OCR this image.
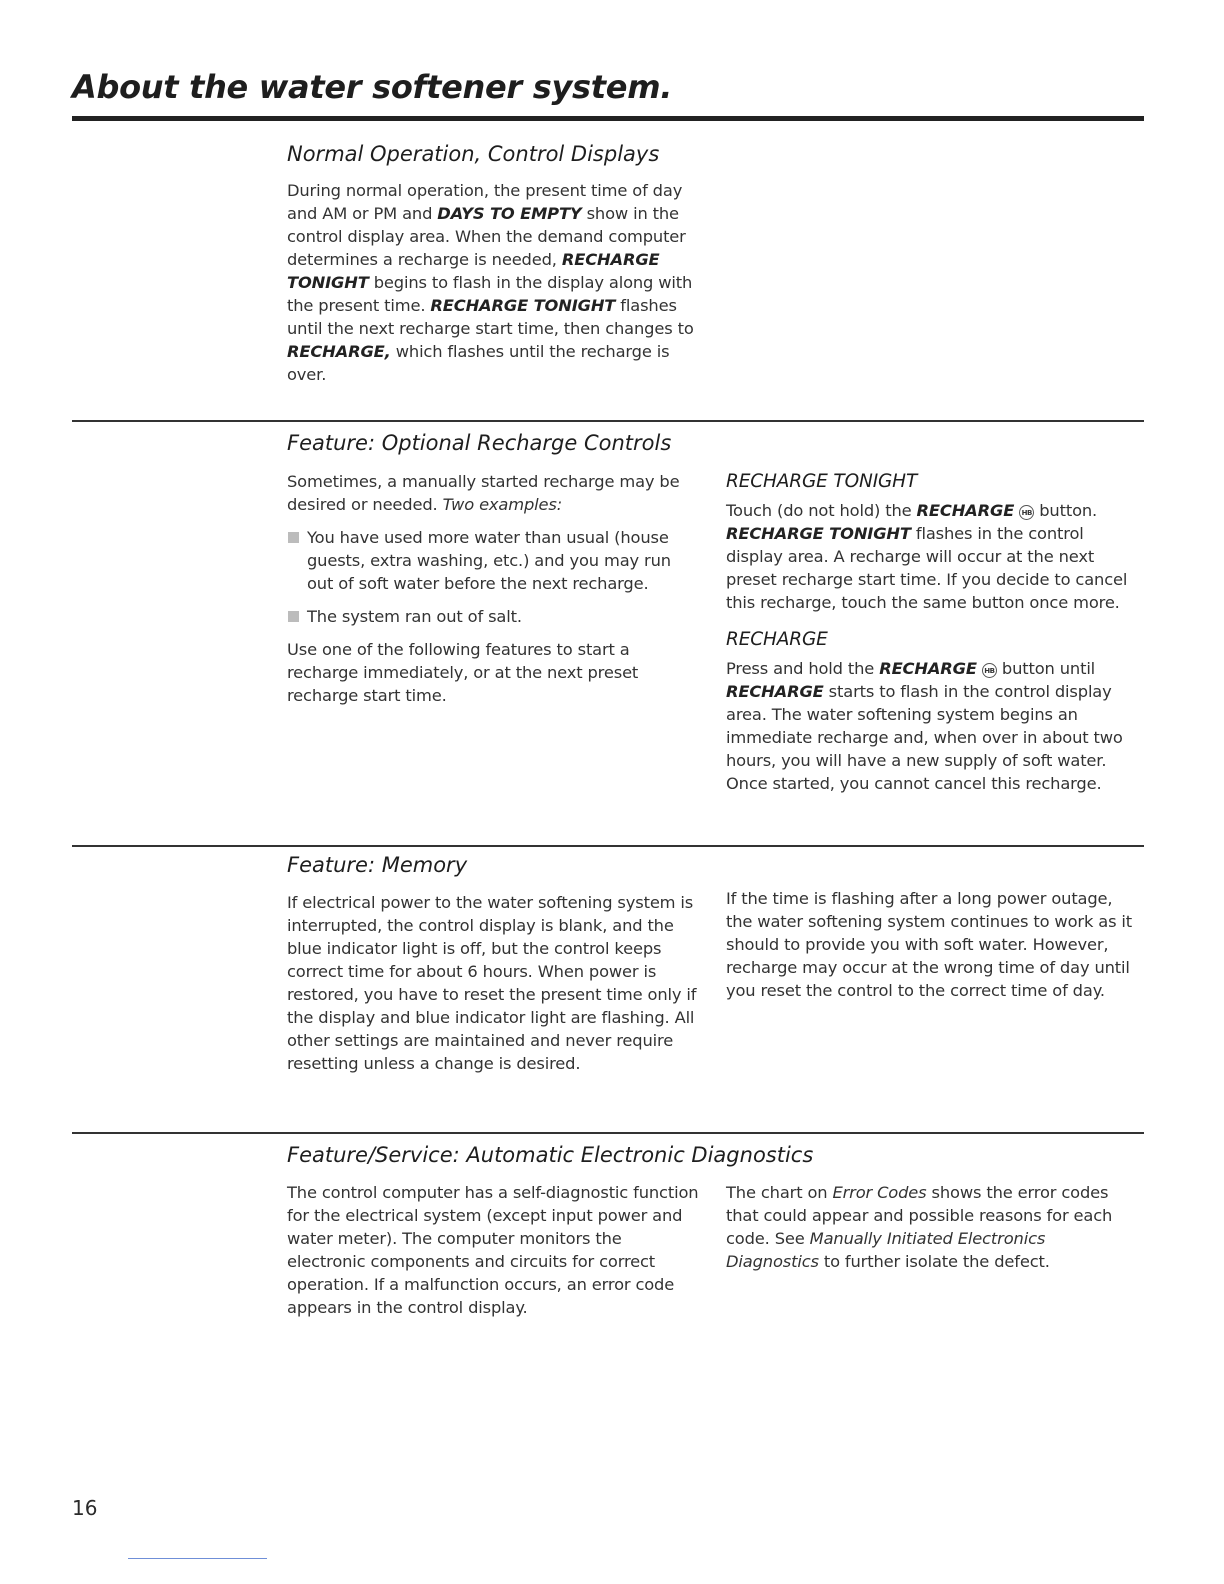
About the water softener system.
Normal Operation, Control Displays

During normal operation, the present time of day and AM or PM and DAYS TO EMPTY show in the control display area. When the demand computer determines a recharge is needed, RECHARGE TONIGHT begins to flash in the display along with the present time. RECHARGE TONIGHT flashes until the next recharge start time, then changes to RECHARGE, which flashes until the recharge is over.

Feature: Optional Recharge Controls

Sometimes, a manually started recharge may be desired or needed. Two examples:

You have used more water than usual (house guests, extra washing, etc.) and you may run out of soft water before the next recharge.
The system ran out of salt.

Use one of the following features to start a recharge immediately, or at the next preset recharge start time.

RECHARGE TONIGHT

Touch (do not hold) the RECHARGE HB button. RECHARGE TONIGHT flashes in the control display area. A recharge will occur at the next preset recharge start time. If you decide to cancel this recharge, touch the same button once more.

RECHARGE

Press and hold the RECHARGE HB button until RECHARGE starts to flash in the control display area. The water softening system begins an immediate recharge and, when over in about two hours, you will have a new supply of soft water. Once started, you cannot cancel this recharge.

Feature: Memory

If electrical power to the water softening system is interrupted, the control display is blank, and the blue indicator light is off, but the control keeps correct time for about 6 hours. When power is restored, you have to reset the present time only if the display and blue indicator light are flashing. All other settings are maintained and never require resetting unless a change is desired.

If the time is flashing after a long power outage, the water softening system continues to work as it should to provide you with soft water. However, recharge may occur at the wrong time of day until you reset the control to the correct time of day.

Feature/Service: Automatic Electronic Diagnostics

The control computer has a self-diagnostic function for the electrical system (except input power and water meter). The computer monitors the electronic components and circuits for correct operation. If a malfunction occurs, an error code appears in the control display.

The chart on Error Codes shows the error codes that could appear and possible reasons for each code. See Manually Initiated Electronics Diagnostics to further isolate the defect.

16
